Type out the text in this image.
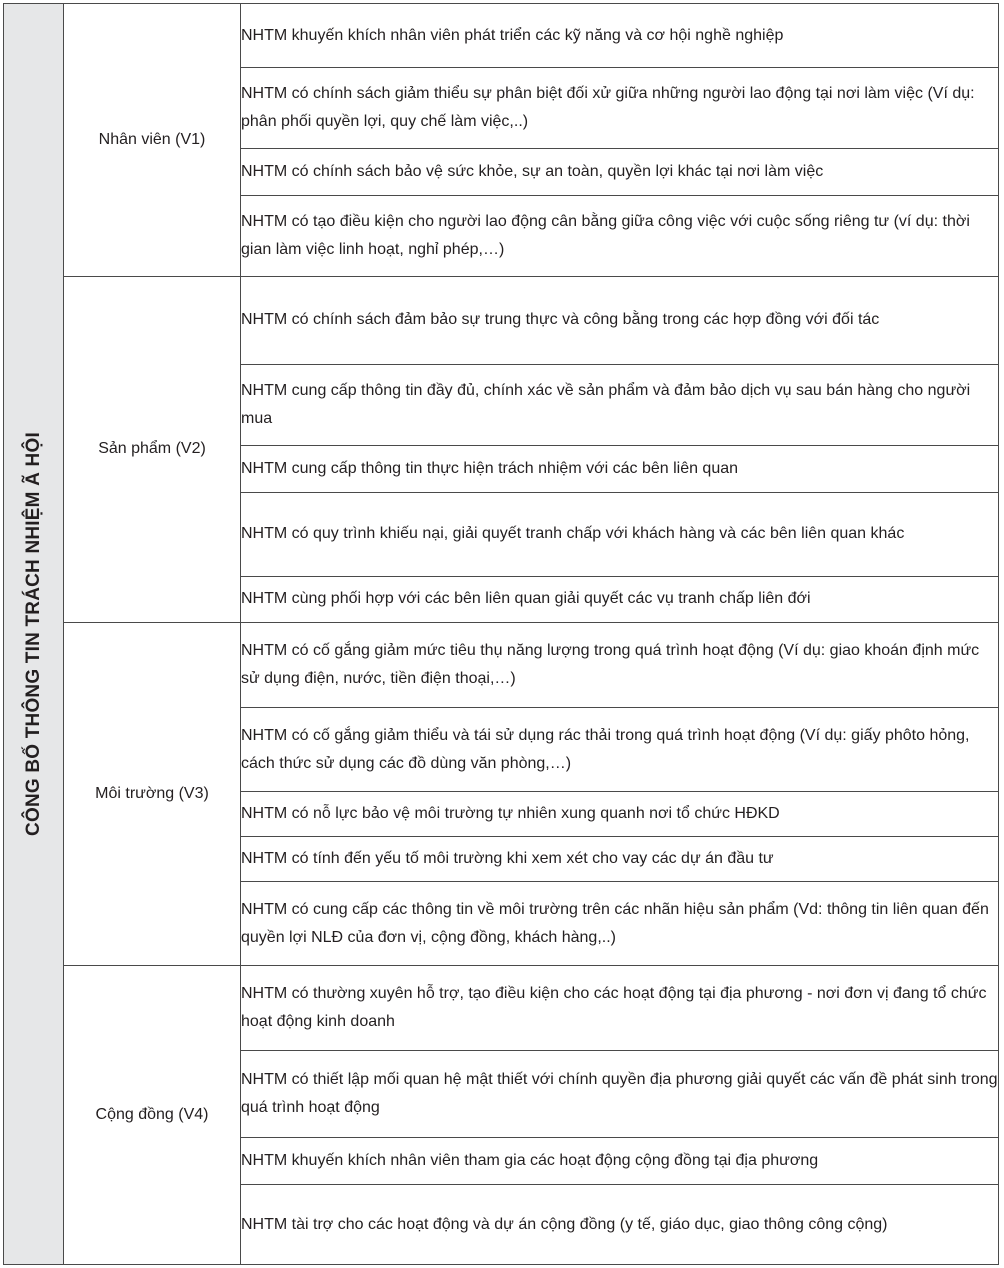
CÔNG BỐ THÔNG TIN TRÁCH NHIỆM Ã HỘI	Nhân viên (V1)	NHTM khuyến khích nhân viên phát triển các kỹ năng và cơ hội nghề nghiệp
		NHTM có chính sách giảm thiểu sự phân biệt đối xử giữa những người lao động tại nơi làm việc (Ví dụ: phân phối quyền lợi, quy chế làm việc,..)
		NHTM có chính sách bảo vệ sức khỏe, sự an toàn, quyền lợi khác tại nơi làm việc
		NHTM có tạo điều kiện cho người lao động cân bằng giữa công việc với cuộc sống riêng tư (ví dụ: thời gian làm việc linh hoạt, nghỉ phép,…)
	Sản phẩm (V2)	NHTM có chính sách đảm bảo sự trung thực và công bằng trong các hợp đồng với đối tác
		NHTM cung cấp thông tin đầy đủ, chính xác về sản phẩm và đảm bảo dịch vụ sau bán hàng cho người mua
		NHTM cung cấp thông tin thực hiện trách nhiệm với các bên liên quan
		NHTM có quy trình khiếu nại, giải quyết tranh chấp với khách hàng và các bên liên quan khác
		NHTM cùng phối hợp với các bên liên quan giải quyết các vụ tranh chấp liên đới
	Môi trường (V3)	NHTM có cố gắng giảm mức tiêu thụ năng lượng trong quá trình hoạt động (Ví dụ: giao khoán định mức sử dụng điện, nước, tiền điện thoại,…)
		NHTM có cố gắng giảm thiểu và tái sử dụng rác thải trong quá trình hoạt động (Ví dụ: giấy phôto hỏng, cách thức sử dụng các đồ dùng văn phòng,…)
		NHTM có nỗ lực bảo vệ môi trường tự nhiên xung quanh nơi tổ chức HĐKD
		NHTM có tính đến yếu tố môi trường khi xem xét cho vay các dự án đầu tư
		NHTM có cung cấp các thông tin về môi trường trên các nhãn hiệu sản phẩm (Vd: thông tin liên quan đến quyền lợi NLĐ của đơn vị, cộng đồng, khách hàng,..)
	Cộng đồng (V4)	NHTM có thường xuyên hỗ trợ, tạo điều kiện cho các hoạt động tại địa phương - nơi đơn vị đang tổ chức hoạt động kinh doanh
		NHTM có thiết lập mối quan hệ mật thiết với chính quyền địa phương giải quyết các vấn đề phát sinh trong quá trình hoạt động
		NHTM khuyến khích nhân viên tham gia các hoạt động cộng đồng tại địa phương
		NHTM tài trợ cho các hoạt động và dự án cộng đồng (y tế, giáo dục, giao thông công cộng)
